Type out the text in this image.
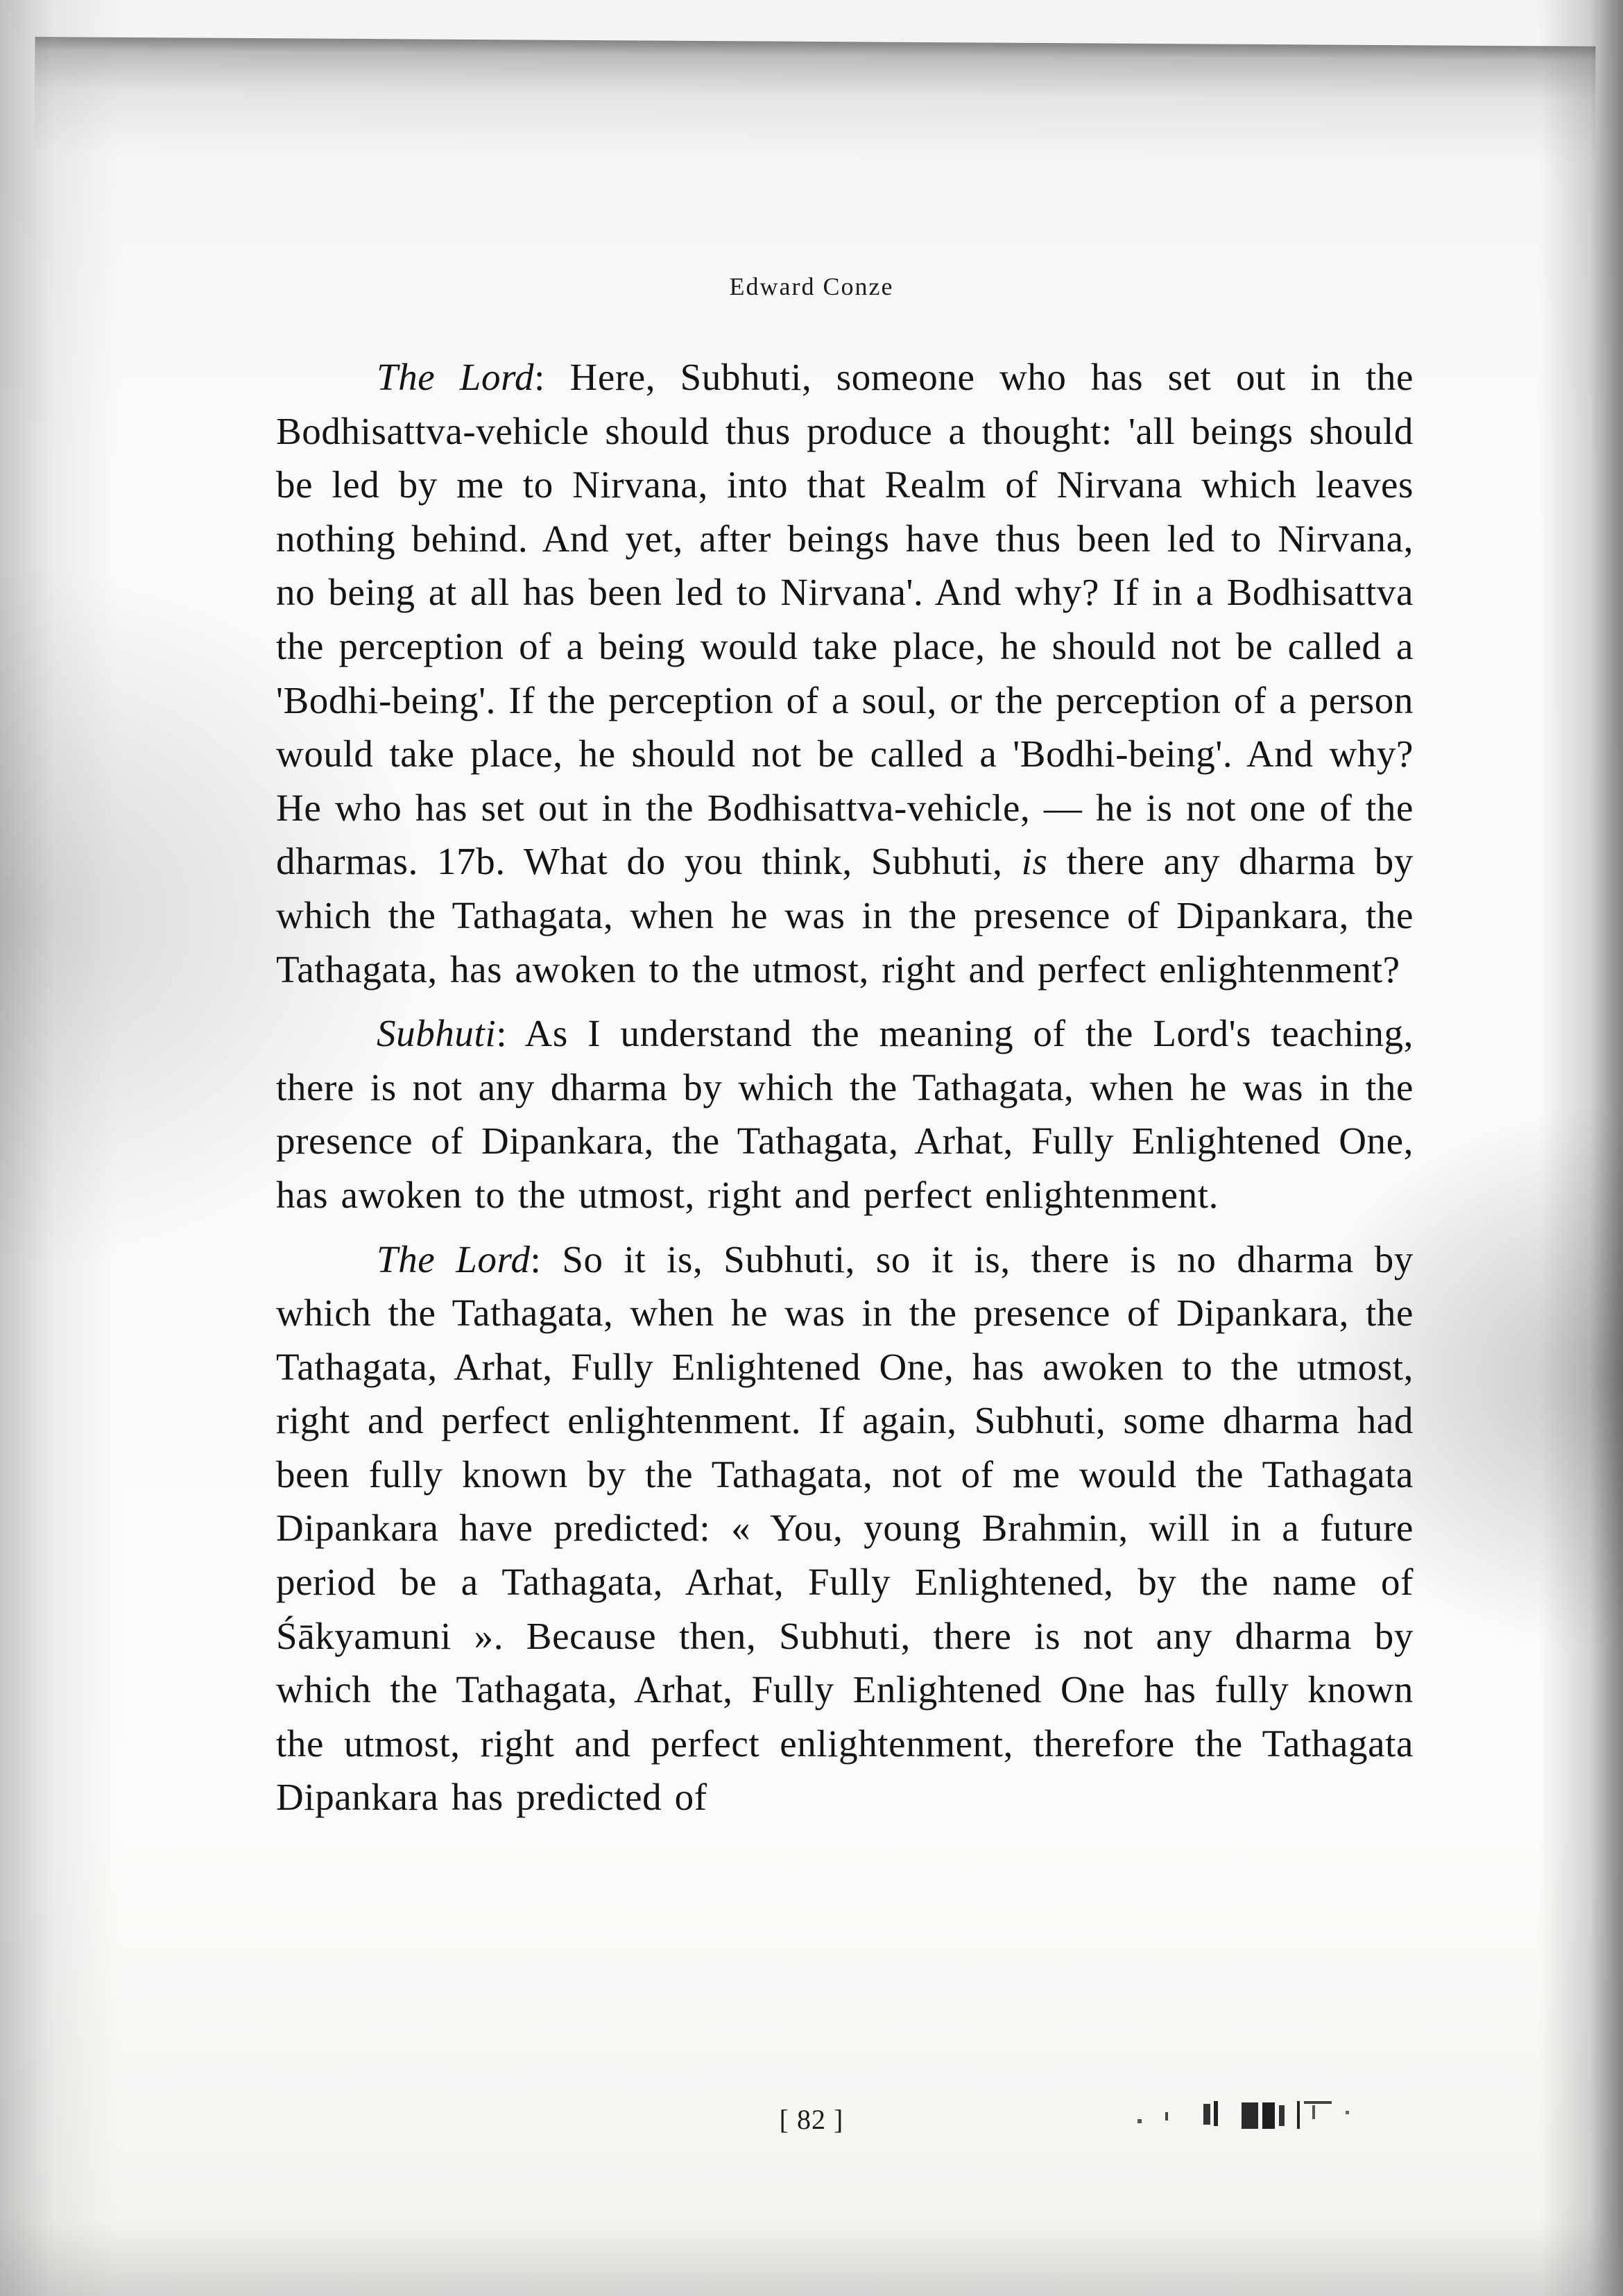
Edward Conze

The Lord: Here, Subhuti, someone who has set out in the Bodhisattva-vehicle should thus produce a thought: 'all beings should be led by me to Nirvana, into that Realm of Nirvana which leaves nothing behind. And yet, after beings have thus been led to Nirvana, no being at all has been led to Nirvana'. And why? If in a Bodhisattva the perception of a being would take place, he should not be called a 'Bodhi-being'. If the perception of a soul, or the perception of a person would take place, he should not be called a 'Bodhi-being'. And why? He who has set out in the Bodhisattva-vehicle, — he is not one of the dharmas. 17b. What do you think, Subhuti, is there any dharma by which the Tathagata, when he was in the presence of Dipankara, the Tathagata, has awoken to the utmost, right and perfect enlightenment?

Subhuti: As I understand the meaning of the Lord's teaching, there is not any dharma by which the Tathagata, when he was in the presence of Dipankara, the Tathagata, Arhat, Fully Enlightened One, has awoken to the utmost, right and perfect enlightenment.

The Lord: So it is, Subhuti, so it is, there is no dharma by which the Tathagata, when he was in the presence of Dipankara, the Tathagata, Arhat, Fully Enlightened One, has awoken to the utmost, right and perfect enlightenment. If again, Subhuti, some dharma had been fully known by the Tathagata, not of me would the Tathagata Dipankara have predicted: « You, young Brahmin, will in a future period be a Tathagata, Arhat, Fully Enlightened, by the name of Śākyamuni ». Because then, Subhuti, there is not any dharma by which the Tathagata, Arhat, Fully Enlightened One has fully known the utmost, right and perfect enlightenment, therefore the Tathagata Dipankara has predicted of

[ 82 ]
